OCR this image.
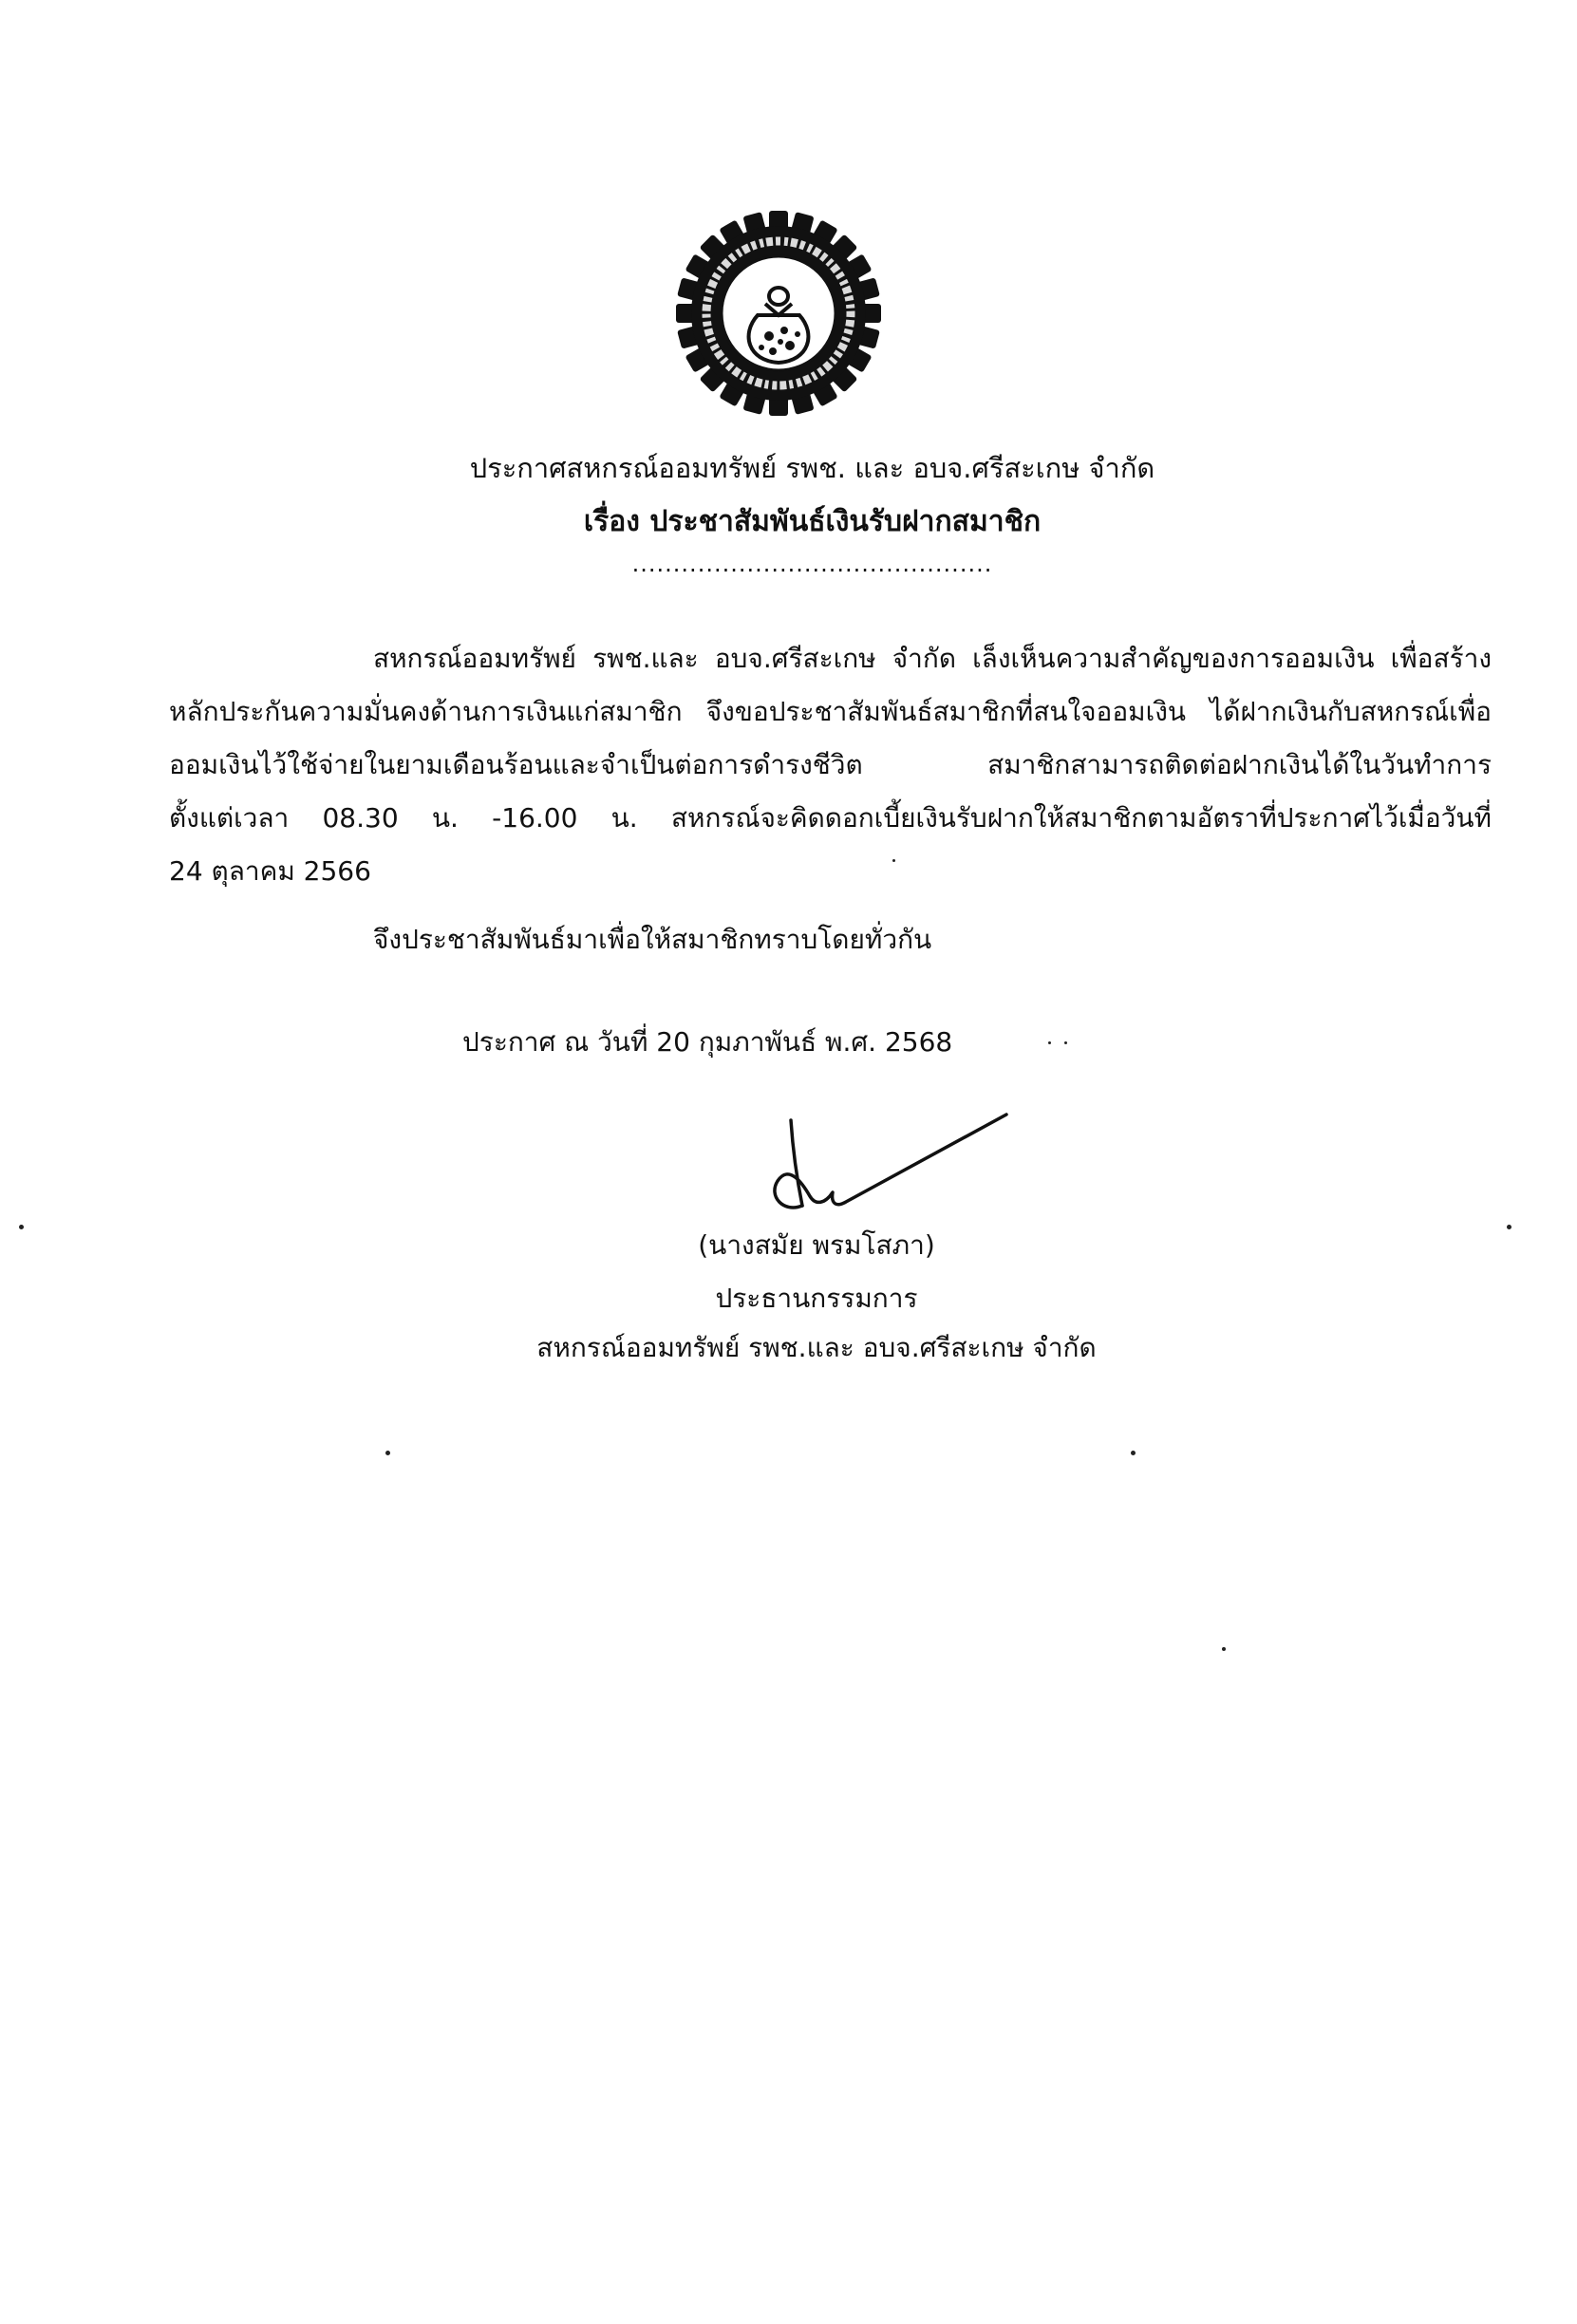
ประกาศสหกรณ์ออมทรัพย์ รพช. และ อบจ.ศรีสะเกษ จำกัด
เรื่อง ประชาสัมพันธ์เงินรับฝากสมาชิก
............................................
สหกรณ์ออมทรัพย์ รพช.และ อบจ.ศรีสะเกษ จำกัด เล็งเห็นความสำคัญของการออมเงิน เพื่อสร้าง
หลักประกันความมั่นคงด้านการเงินแก่สมาชิก จึงขอประชาสัมพันธ์สมาชิกที่สนใจออมเงิน ได้ฝากเงินกับสหกรณ์เพื่อ
ออมเงินไว้ใช้จ่ายในยามเดือนร้อนและจำเป็นต่อการดำรงชีวิต สมาชิกสามารถติดต่อฝากเงินได้ในวันทำการ
ตั้งแต่เวลา 08.30 น. -16.00 น. สหกรณ์จะคิดดอกเบี้ยเงินรับฝากให้สมาชิกตามอัตราที่ประกาศไว้เมื่อวันที่
24 ตุลาคม 2566
จึงประชาสัมพันธ์มาเพื่อให้สมาชิกทราบโดยทั่วกัน
ประกาศ ณ วันที่ 20 กุมภาพันธ์ พ.ศ. 2568
(นางสมัย พรมโสภา)
ประธานกรรมการ
สหกรณ์ออมทรัพย์ รพช.และ อบจ.ศรีสะเกษ จำกัด
